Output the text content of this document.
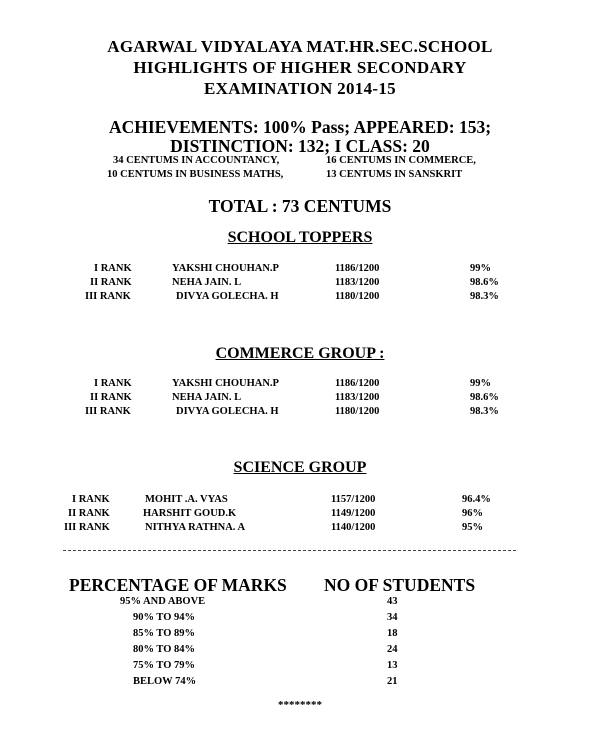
AGARWAL VIDYALAYA MAT.HR.SEC.SCHOOL
HIGHLIGHTS OF HIGHER SECONDARY
EXAMINATION 2014-15
ACHIEVEMENTS: 100% Pass; APPEARED: 153;
DISTINCTION: 132; I CLASS: 20
34 CENTUMS IN ACCOUNTANCY,	16 CENTUMS IN COMMERCE,
10 CENTUMS IN BUSINESS MATHS,	13 CENTUMS IN SANSKRIT
TOTAL : 73 CENTUMS
SCHOOL TOPPERS
I RANK	YAKSHI CHOUHAN.P	1186/1200	99%
II RANK	NEHA JAIN. L	1183/1200	98.6%
III RANK	DIVYA GOLECHA. H	1180/1200	98.3%
COMMERCE GROUP :
I RANK	YAKSHI CHOUHAN.P	1186/1200	99%
II RANK	NEHA JAIN. L	1183/1200	98.6%
III RANK	DIVYA GOLECHA. H	1180/1200	98.3%
SCIENCE GROUP
I RANK	MOHIT .A. VYAS	1157/1200	96.4%
II RANK	HARSHIT GOUD.K	1149/1200	96%
III RANK	NITHYA RATHNA. A	1140/1200	95%
PERCENTAGE OF MARKS NO OF STUDENTS
95% AND ABOVE	43
90% TO 94%	34
85% TO 89%	18
80% TO 84%	24
75% TO 79%	13
BELOW 74%	21
********
